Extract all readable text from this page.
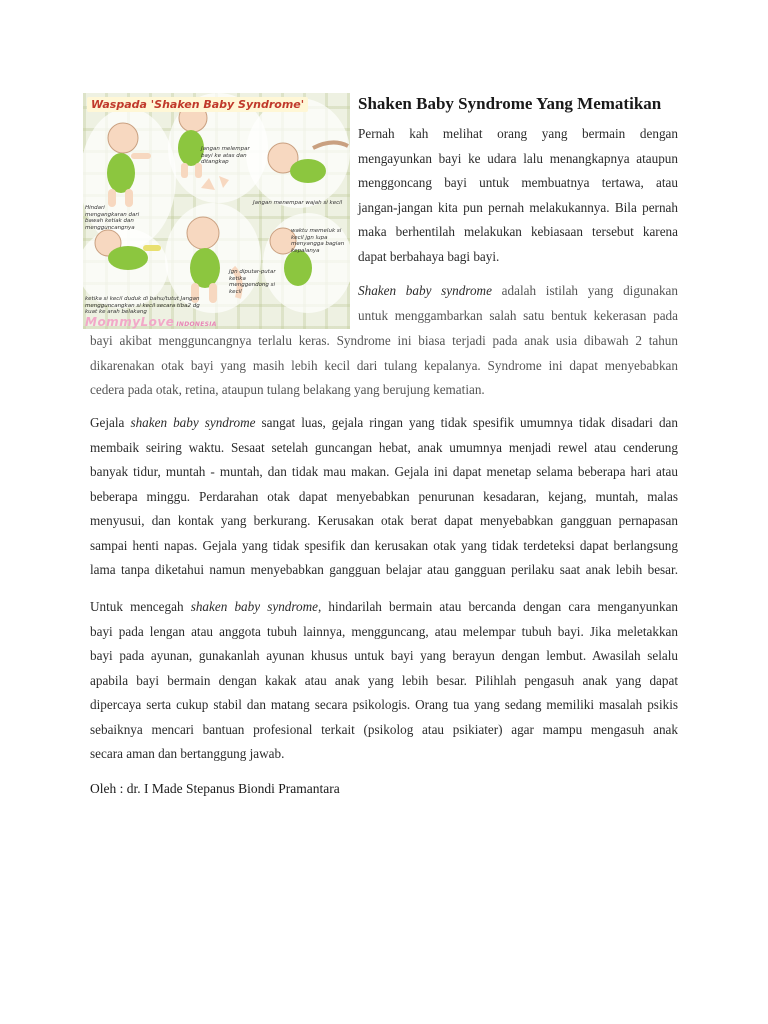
Waspada 'Shaken Baby Syndrome'
Jangan melempar bayi ke atas dan ditangkap
Hindari mengangkaran dari bawah ketiak dan mengguncangnya
Jangan menempar wajah si kecil
waktu memeluk si kecil jgn lupa menyangga bagian kepalanya
Jgn diputar-putar ketika menggendong si kecil
ketika si kecil duduk di bahu/tutut Jangan mengguncangkan si kecil secara tiba2 dg kuat ke arah belakang
MommyLove INDONESIA
Shaken Baby Syndrome Yang Mematikan
Pernah kah melihat orang yang bermain dengan
mengayunkan bayi ke udara lalu menangkapnya ataupun
menggoncang bayi untuk membuatnya tertawa, atau
jangan-jangan kita pun pernah melakukannya. Bila pernah
maka berhentilah melakukan kebiasaan tersebut karena
dapat berbahaya bagi bayi.
Shaken baby syndrome adalah istilah yang digunakan
untuk menggambarkan salah satu bentuk kekerasan pada
bayi akibat mengguncangnya terlalu keras. Syndrome ini biasa terjadi pada anak usia dibawah 2 tahun
dikarenakan otak bayi yang masih lebih kecil dari tulang kepalanya. Syndrome ini dapat menyebabkan
cedera pada otak, retina, ataupun tulang belakang yang berujung kematian.
Gejala shaken baby syndrome sangat luas, gejala ringan yang tidak spesifik umumnya tidak disadari dan
membaik seiring waktu. Sesaat setelah guncangan hebat, anak umumnya menjadi rewel atau cenderung
banyak tidur, muntah - muntah, dan tidak mau makan. Gejala ini dapat menetap selama beberapa hari atau
beberapa minggu. Perdarahan otak dapat menyebabkan penurunan kesadaran, kejang, muntah, malas
menyusui, dan kontak yang berkurang. Kerusakan otak berat dapat menyebabkan gangguan pernapasan
sampai henti napas. Gejala yang tidak spesifik dan kerusakan otak yang tidak terdeteksi dapat berlangsung
lama tanpa diketahui namun menyebabkan gangguan belajar atau gangguan perilaku saat anak lebih besar.
Untuk mencegah shaken baby syndrome, hindarilah bermain atau bercanda dengan cara menganyunkan
bayi pada lengan atau anggota tubuh lainnya, mengguncang, atau melempar tubuh bayi. Jika meletakkan
bayi pada ayunan, gunakanlah ayunan khusus untuk bayi yang berayun dengan lembut. Awasilah selalu
apabila bayi bermain dengan kakak atau anak yang lebih besar. Pilihlah pengasuh anak yang dapat
dipercaya serta cukup stabil dan matang secara psikologis. Orang tua yang sedang memiliki masalah psikis
sebaiknya mencari bantuan profesional terkait (psikolog atau psikiater) agar mampu mengasuh anak
secara aman dan bertanggung jawab.
Oleh : dr. I Made Stepanus Biondi Pramantara
